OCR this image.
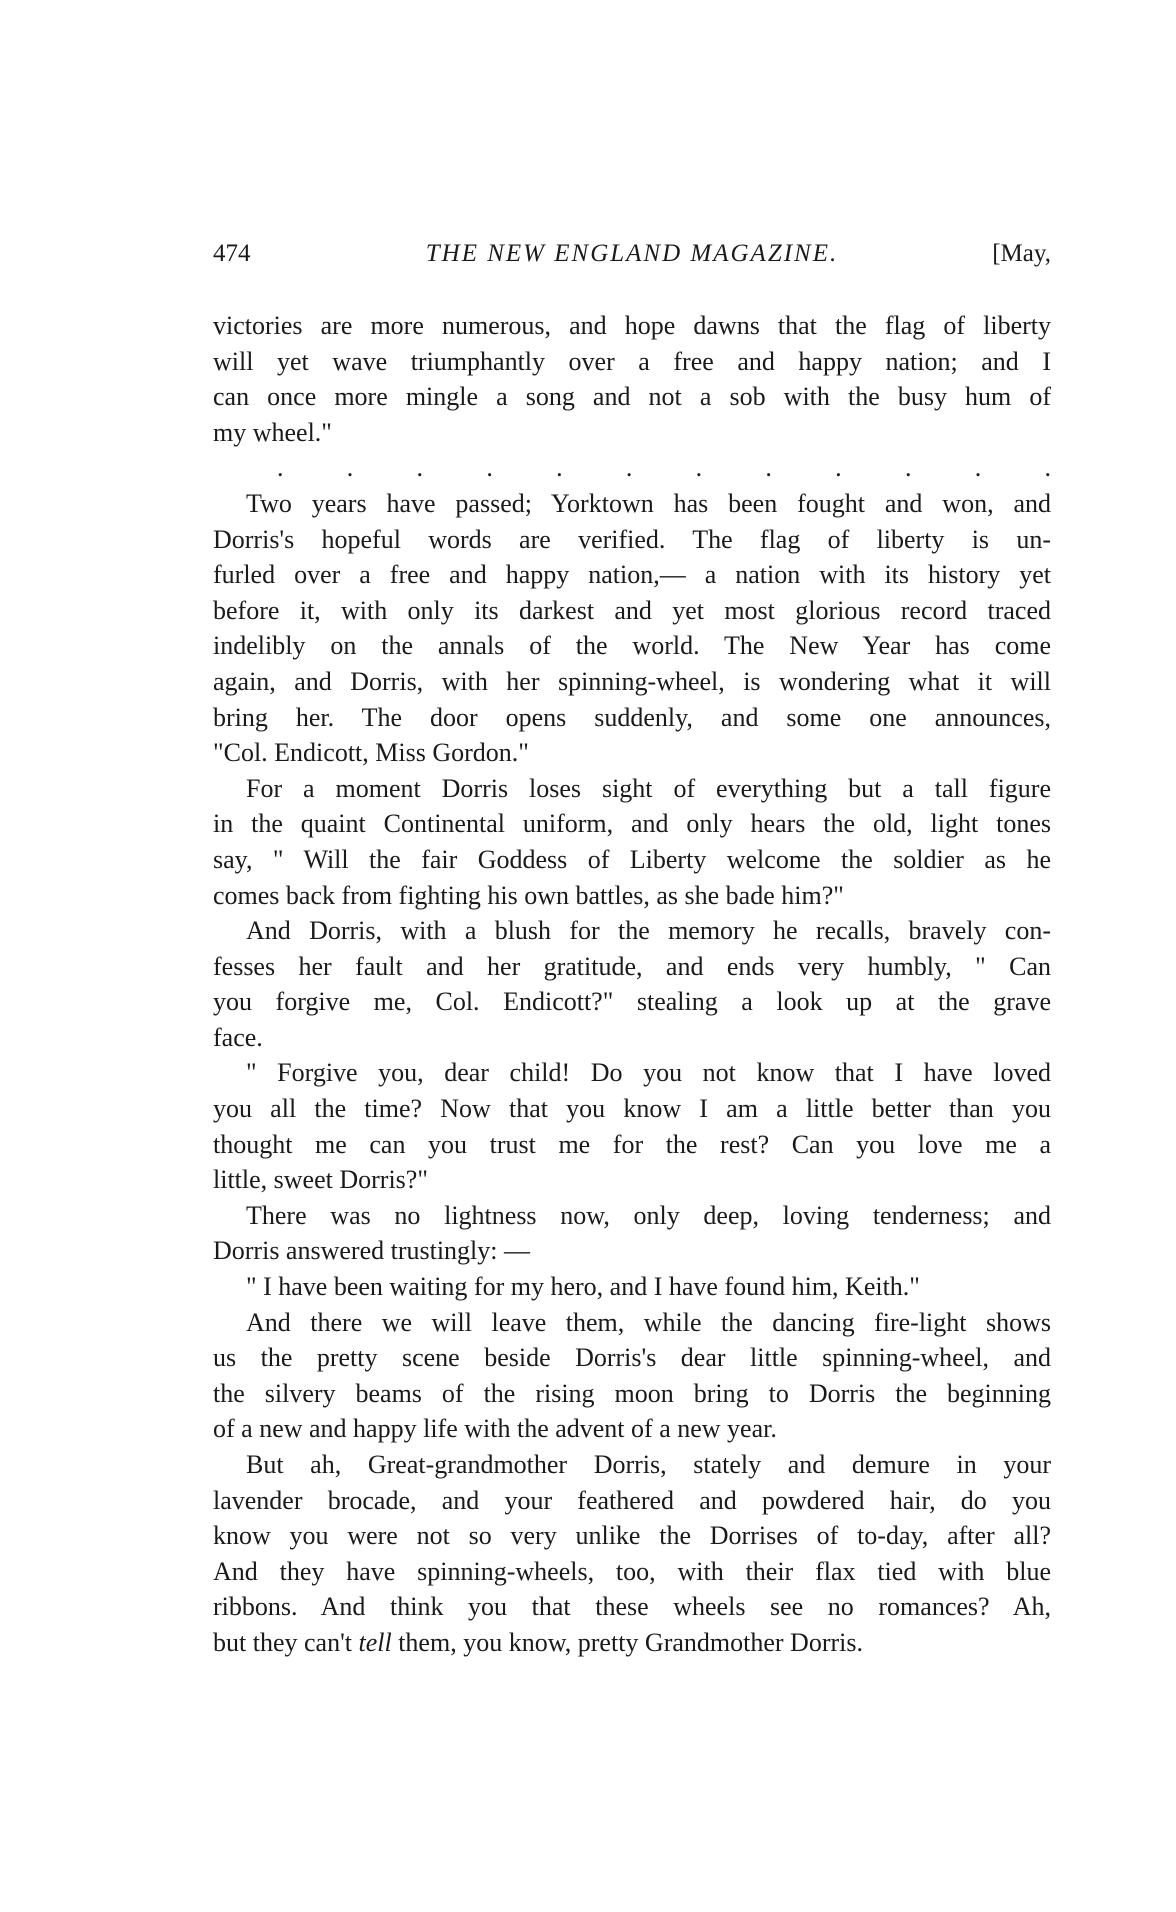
474	THE NEW ENGLAND MAGAZINE.	[May,
victories are more numerous, and hope dawns that the flag of liberty
will yet wave triumphantly over a free and happy nation; and I
can once more mingle a song and not a sob with the busy hum of
my wheel."
. . . . . . . . . . . .
Two years have passed; Yorktown has been fought and won, and
Dorris's hopeful words are verified. The flag of liberty is un-
furled over a free and happy nation,— a nation with its history yet
before it, with only its darkest and yet most glorious record traced
indelibly on the annals of the world. The New Year has come
again, and Dorris, with her spinning-wheel, is wondering what it will
bring her. The door opens suddenly, and some one announces,
"Col. Endicott, Miss Gordon."
For a moment Dorris loses sight of everything but a tall figure
in the quaint Continental uniform, and only hears the old, light tones
say, " Will the fair Goddess of Liberty welcome the soldier as he
comes back from fighting his own battles, as she bade him?"
And Dorris, with a blush for the memory he recalls, bravely con-
fesses her fault and her gratitude, and ends very humbly, " Can
you forgive me, Col. Endicott?" stealing a look up at the grave
face.
" Forgive you, dear child! Do you not know that I have loved
you all the time? Now that you know I am a little better than you
thought me can you trust me for the rest? Can you love me a
little, sweet Dorris?"
There was no lightness now, only deep, loving tenderness; and
Dorris answered trustingly: —
" I have been waiting for my hero, and I have found him, Keith."
And there we will leave them, while the dancing fire-light shows
us the pretty scene beside Dorris's dear little spinning-wheel, and
the silvery beams of the rising moon bring to Dorris the beginning
of a new and happy life with the advent of a new year.
But ah, Great-grandmother Dorris, stately and demure in your
lavender brocade, and your feathered and powdered hair, do you
know you were not so very unlike the Dorrises of to-day, after all?
And they have spinning-wheels, too, with their flax tied with blue
ribbons. And think you that these wheels see no romances? Ah,
but they can't tell them, you know, pretty Grandmother Dorris.
